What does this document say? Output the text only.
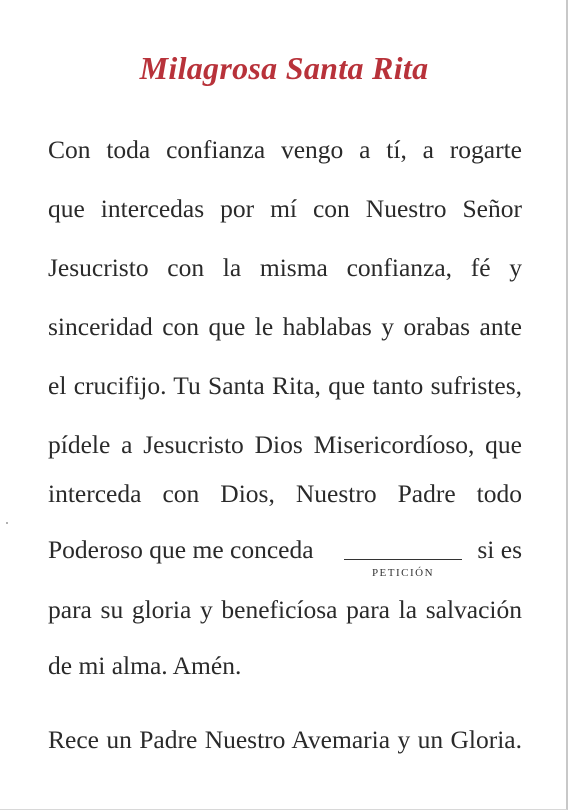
Milagrosa Santa Rita
Con toda confianza vengo a tí, a rogarte
que intercedas por mí con Nuestro Señor
Jesucristo con la misma confianza, fé y
sinceridad con que le hablabas y orabas ante
el crucifijo. Tu Santa Rita, que tanto sufristes,
pídele a Jesucristo Dios Misericordíoso, que
interceda con Dios, Nuestro Padre todo
Poderoso que me conceda
PETICIÓN
si es
para su gloria y beneficíosa para la salvación
de mi alma. Amén.
Rece un Padre Nuestro Avemaria y un Gloria.
